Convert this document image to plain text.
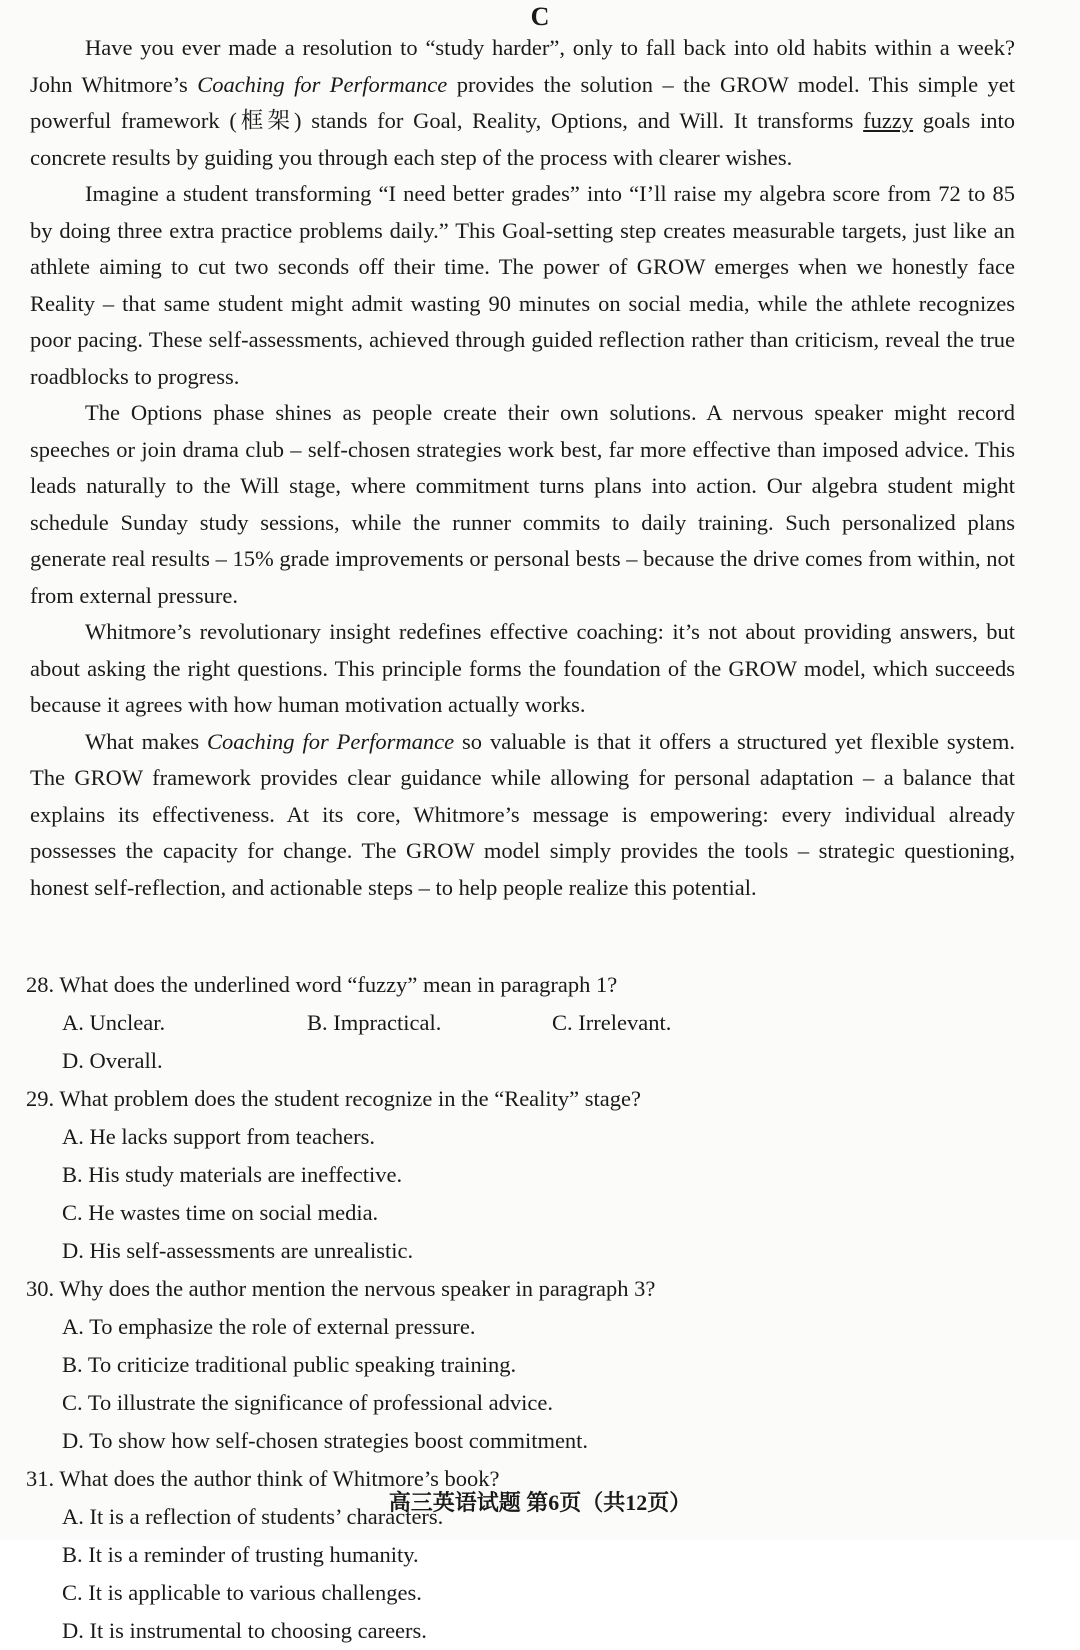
C

Have you ever made a resolution to “study harder”, only to fall back into old habits within a week? John Whitmore’s Coaching for Performance provides the solution – the GROW model. This simple yet powerful framework (框架) stands for Goal, Reality, Options, and Will. It transforms fuzzy goals into concrete results by guiding you through each step of the process with clearer wishes.

Imagine a student transforming “I need better grades” into “I’ll raise my algebra score from 72 to 85 by doing three extra practice problems daily.” This Goal-setting step creates measurable targets, just like an athlete aiming to cut two seconds off their time. The power of GROW emerges when we honestly face Reality – that same student might admit wasting 90 minutes on social media, while the athlete recognizes poor pacing. These self-assessments, achieved through guided reflection rather than criticism, reveal the true roadblocks to progress.

The Options phase shines as people create their own solutions. A nervous speaker might record speeches or join drama club – self-chosen strategies work best, far more effective than imposed advice. This leads naturally to the Will stage, where commitment turns plans into action. Our algebra student might schedule Sunday study sessions, while the runner commits to daily training. Such personalized plans generate real results – 15% grade improvements or personal bests – because the drive comes from within, not from external pressure.

Whitmore’s revolutionary insight redefines effective coaching: it’s not about providing answers, but about asking the right questions. This principle forms the foundation of the GROW model, which succeeds because it agrees with how human motivation actually works.

What makes Coaching for Performance so valuable is that it offers a structured yet flexible system. The GROW framework provides clear guidance while allowing for personal adaptation – a balance that explains its effectiveness. At its core, Whitmore’s message is empowering: every individual already possesses the capacity for change. The GROW model simply provides the tools – strategic questioning, honest self-reflection, and actionable steps – to help people realize this potential.

28. What does the underlined word “fuzzy” mean in paragraph 1?
A. Unclear.	B. Impractical.	C. Irrelevant.
D. Overall.
29. What problem does the student recognize in the “Reality” stage?
A. He lacks support from teachers.
B. His study materials are ineffective.
C. He wastes time on social media.
D. His self-assessments are unrealistic.
30. Why does the author mention the nervous speaker in paragraph 3?
A. To emphasize the role of external pressure.
B. To criticize traditional public speaking training.
C. To illustrate the significance of professional advice.
D. To show how self-chosen strategies boost commitment.
31. What does the author think of Whitmore’s book?
A. It is a reflection of students’ characters.
B. It is a reminder of trusting humanity.
C. It is applicable to various challenges.
D. It is instrumental to choosing careers.
高三英语试题 第6页（共12页）
